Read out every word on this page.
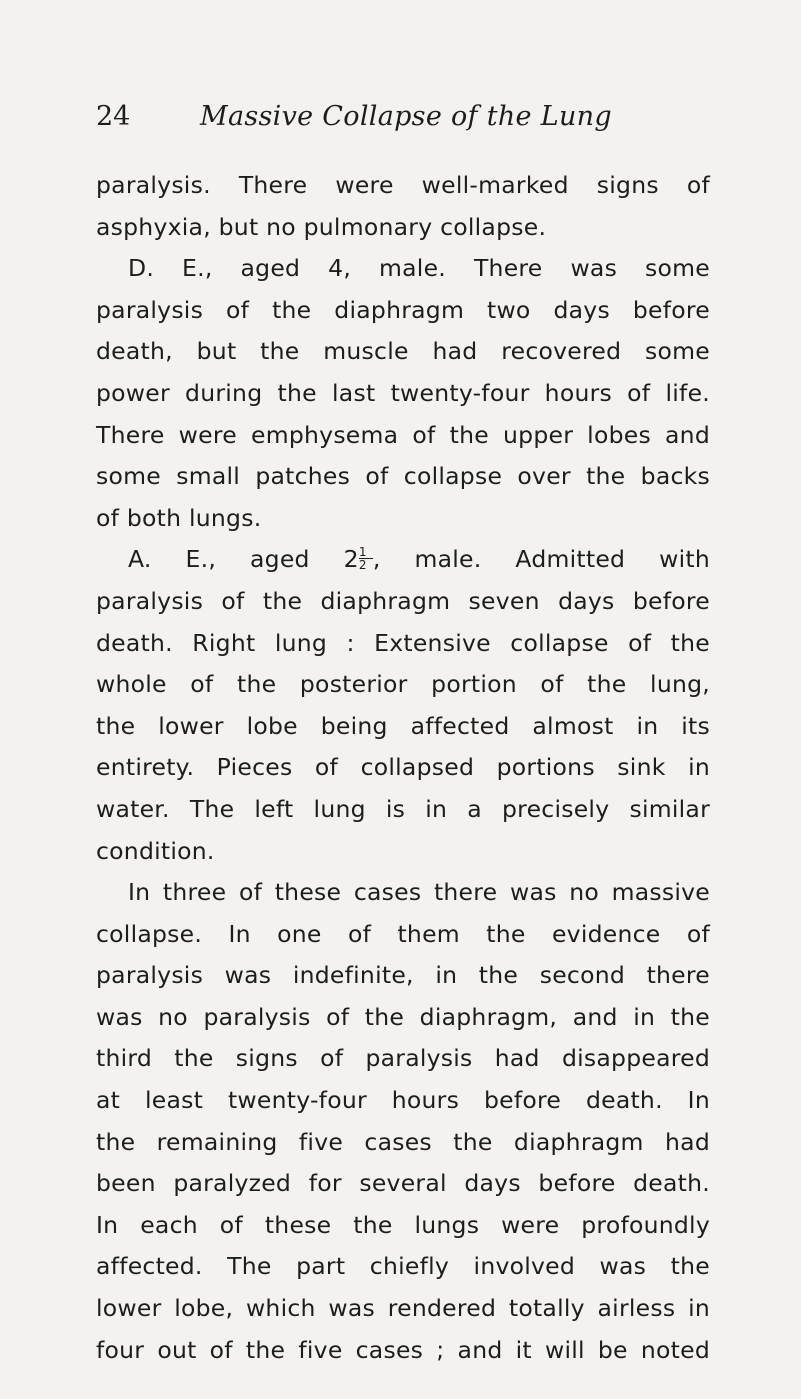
24	Massive Collapse of the Lung
paralysis. There were well-marked signs of
asphyxia, but no pulmonary collapse.
D. E., aged 4, male. There was some
paralysis of the diaphragm two days before
death, but the muscle had recovered some
power during the last twenty-four hours of life.
There were emphysema of the upper lobes and
some small patches of collapse over the backs
of both lungs.
A. E., aged $2 \frac{1}{2}$ , male. Admitted with
paralysis of the diaphragm seven days before
death. Right lung : Extensive collapse of the
whole of the posterior portion of the lung,
the lower lobe being affected almost in its
entirety. Pieces of collapsed portions sink in
water. The left lung is in a precisely similar
condition.
In three of these cases there was no massive
collapse. In one of them the evidence of
paralysis was indefinite, in the second there
was no paralysis of the diaphragm, and in the
third the signs of paralysis had disappeared
at least twenty-four hours before death. In
the remaining five cases the diaphragm had
been paralyzed for several days before death.
In each of these the lungs were profoundly
affected. The part chiefly involved was the
lower lobe, which was rendered totally airless in
four out of the five cases ; and it will be noted
